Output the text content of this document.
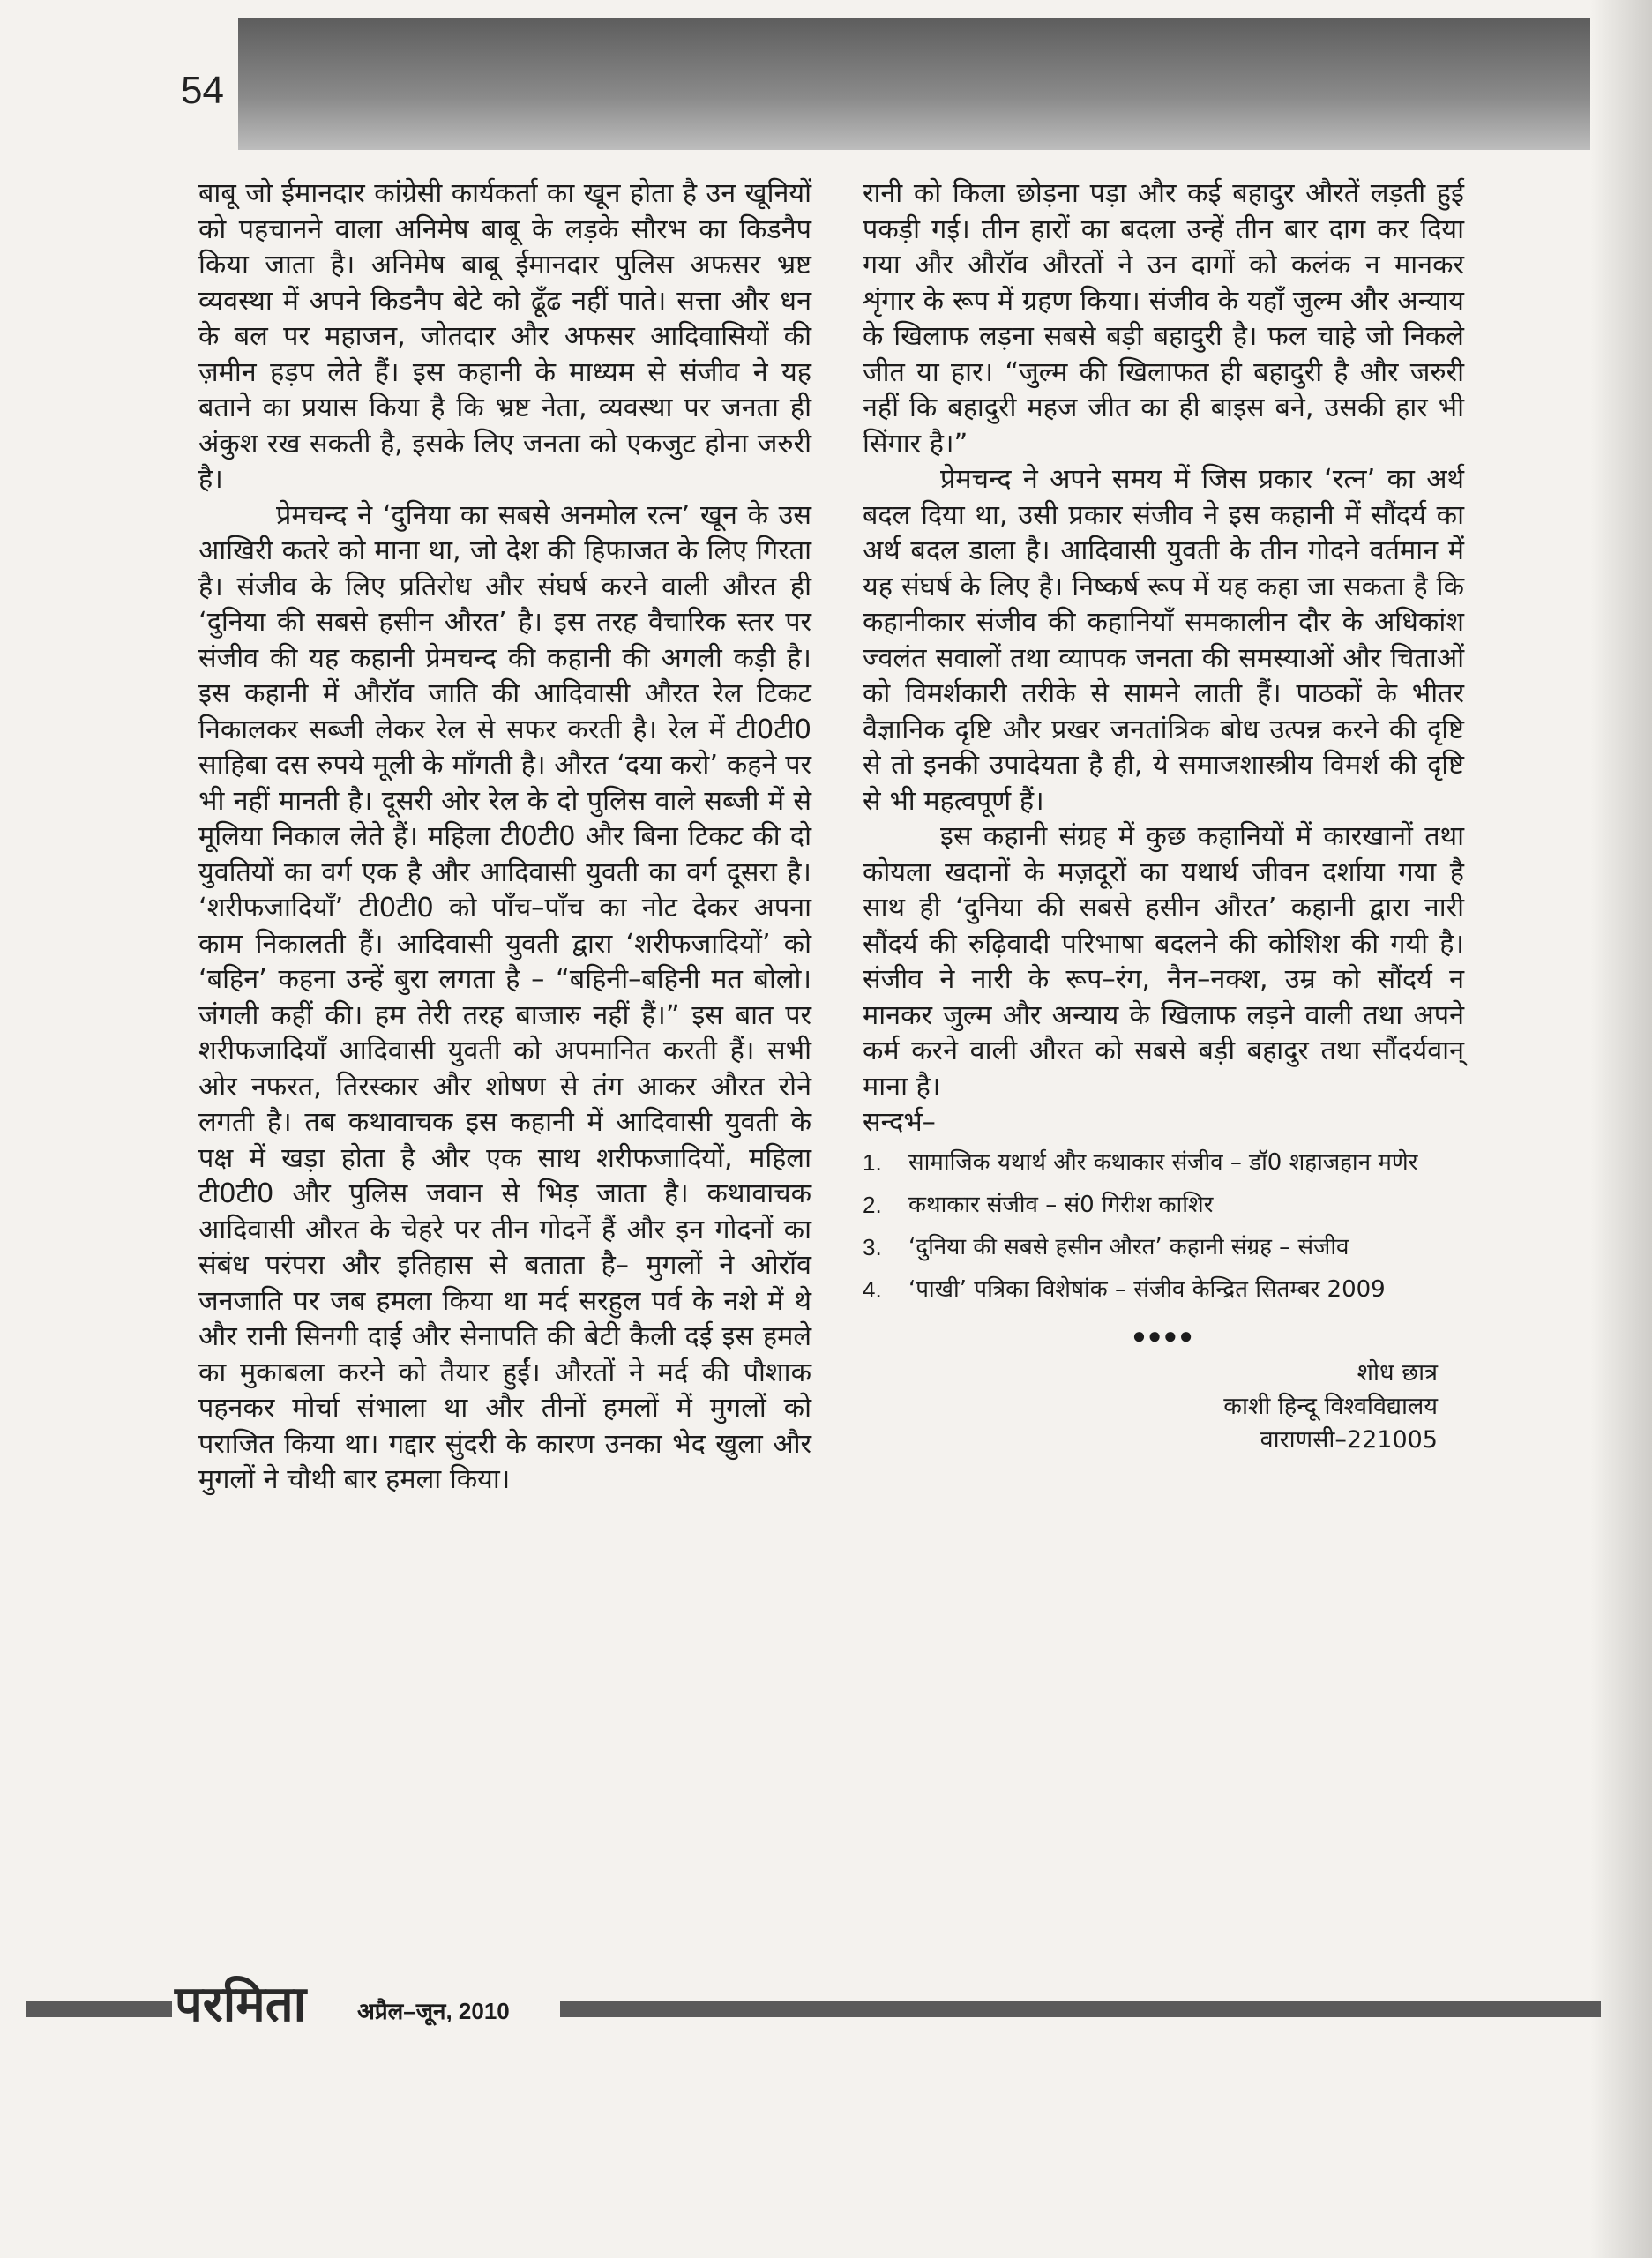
54

बाबू जो ईमानदार कांग्रेसी कार्यकर्ता का खून होता है उन खूनियों को पहचानने वाला अनिमेष बाबू के लड़के सौरभ का किडनैप किया जाता है। अनिमेष बाबू ईमानदार पुलिस अफसर भ्रष्ट व्यवस्था में अपने किडनैप बेटे को ढूँढ नहीं पाते। सत्ता और धन के बल पर महाजन, जोतदार और अफसर आदिवासियों की ज़मीन हड़प लेते हैं। इस कहानी के माध्यम से संजीव ने यह बताने का प्रयास किया है कि भ्रष्ट नेता, व्यवस्था पर जनता ही अंकुश रख सकती है, इसके लिए जनता को एकजुट होना जरुरी है।

प्रेमचन्द ने ‘दुनिया का सबसे अनमोल रत्न’ खून के उस आखिरी कतरे को माना था, जो देश की हिफाजत के लिए गिरता है। संजीव के लिए प्रतिरोध और संघर्ष करने वाली औरत ही ‘दुनिया की सबसे हसीन औरत’ है। इस तरह वैचारिक स्तर पर संजीव की यह कहानी प्रेमचन्द की कहानी की अगली कड़ी है। इस कहानी में औरॉव जाति की आदिवासी औरत रेल टिकट निकालकर सब्जी लेकर रेल से सफर करती है। रेल में टी0टी0 साहिबा दस रुपये मूली के माँगती है। औरत ‘दया करो’ कहने पर भी नहीं मानती है। दूसरी ओर रेल के दो पुलिस वाले सब्जी में से मूलिया निकाल लेते हैं। महिला टी0टी0 और बिना टिकट की दो युवतियों का वर्ग एक है और आदिवासी युवती का वर्ग दूसरा है। ‘शरीफजादियाँ’ टी0टी0 को पाँच–पाँच का नोट देकर अपना काम निकालती हैं। आदिवासी युवती द्वारा ‘शरीफजादियों’ को ‘बहिन’ कहना उन्हें बुरा लगता है – “बहिनी–बहिनी मत बोलो। जंगली कहीं की। हम तेरी तरह बाजारु नहीं हैं।” इस बात पर शरीफजादियाँ आदिवासी युवती को अपमानित करती हैं। सभी ओर नफरत, तिरस्कार और शोषण से तंग आकर औरत रोने लगती है। तब कथावाचक इस कहानी में आदिवासी युवती के पक्ष में खड़ा होता है और एक साथ शरीफजादियों, महिला टी0टी0 और पुलिस जवान से भिड़ जाता है। कथावाचक आदिवासी औरत के चेहरे पर तीन गोदनें हैं और इन गोदनों का संबंध परंपरा और इतिहास से बताता है– मुगलों ने ओरॉव जनजाति पर जब हमला किया था मर्द सरहुल पर्व के नशे में थे और रानी सिनगी दाई और सेनापति की बेटी कैली दई इस हमले का मुकाबला करने को तैयार हुईं। औरतों ने मर्द की पौशाक पहनकर मोर्चा संभाला था और तीनों हमलों में मुगलों को पराजित किया था। गद्दार सुंदरी के कारण उनका भेद खुला और मुगलों ने चौथी बार हमला किया।

रानी को किला छोड़ना पड़ा और कई बहादुर औरतें लड़ती हुई पकड़ी गई। तीन हारों का बदला उन्हें तीन बार दाग कर दिया गया और औरॉव औरतों ने उन दागों को कलंक न मानकर शृंगार के रूप में ग्रहण किया। संजीव के यहाँ जुल्म और अन्याय के खिलाफ लड़ना सबसे बड़ी बहादुरी है। फल चाहे जो निकले जीत या हार। “जुल्म की खिलाफत ही बहादुरी है और जरुरी नहीं कि बहादुरी महज जीत का ही बाइस बने, उसकी हार भी सिंगार है।”

प्रेमचन्द ने अपने समय में जिस प्रकार ‘रत्न’ का अर्थ बदल दिया था, उसी प्रकार संजीव ने इस कहानी में सौंदर्य का अर्थ बदल डाला है। आदिवासी युवती के तीन गोदने वर्तमान में यह संघर्ष के लिए है। निष्कर्ष रूप में यह कहा जा सकता है कि कहानीकार संजीव की कहानियाँ समकालीन दौर के अधिकांश ज्वलंत सवालों तथा व्यापक जनता की समस्याओं और चिताओं को विमर्शकारी तरीके से सामने लाती हैं। पाठकों के भीतर वैज्ञानिक दृष्टि और प्रखर जनतांत्रिक बोध उत्पन्न करने की दृष्टि से तो इनकी उपादेयता है ही, ये समाजशास्त्रीय विमर्श की दृष्टि से भी महत्वपूर्ण हैं।

इस कहानी संग्रह में कुछ कहानियों में कारखानों तथा कोयला खदानों के मज़दूरों का यथार्थ जीवन दर्शाया गया है साथ ही ‘दुनिया की सबसे हसीन औरत’ कहानी द्वारा नारी सौंदर्य की रुढ़िवादी परिभाषा बदलने की कोशिश की गयी है। संजीव ने नारी के रूप–रंग, नैन–नक्श, उम्र को सौंदर्य न मानकर जुल्म और अन्याय के खिलाफ लड़ने वाली तथा अपने कर्म करने वाली औरत को सबसे बड़ी बहादुर तथा सौंदर्यवान् माना है।

सन्दर्भ–

1.	सामाजिक यथार्थ और कथाकार संजीव – डॉ0 शहाजहान मणेर
2.	कथाकार संजीव – सं0 गिरीश काशिर
3.	‘दुनिया की सबसे हसीन औरत’ कहानी संग्रह – संजीव
4.	‘पाखी’ पत्रिका विशेषांक – संजीव केन्द्रित सितम्बर 2009
●●●●
शोध छात्र
काशी हिन्दू विश्वविद्यालय
वाराणसी–221005
परमिता अप्रैल–जून, 2010
